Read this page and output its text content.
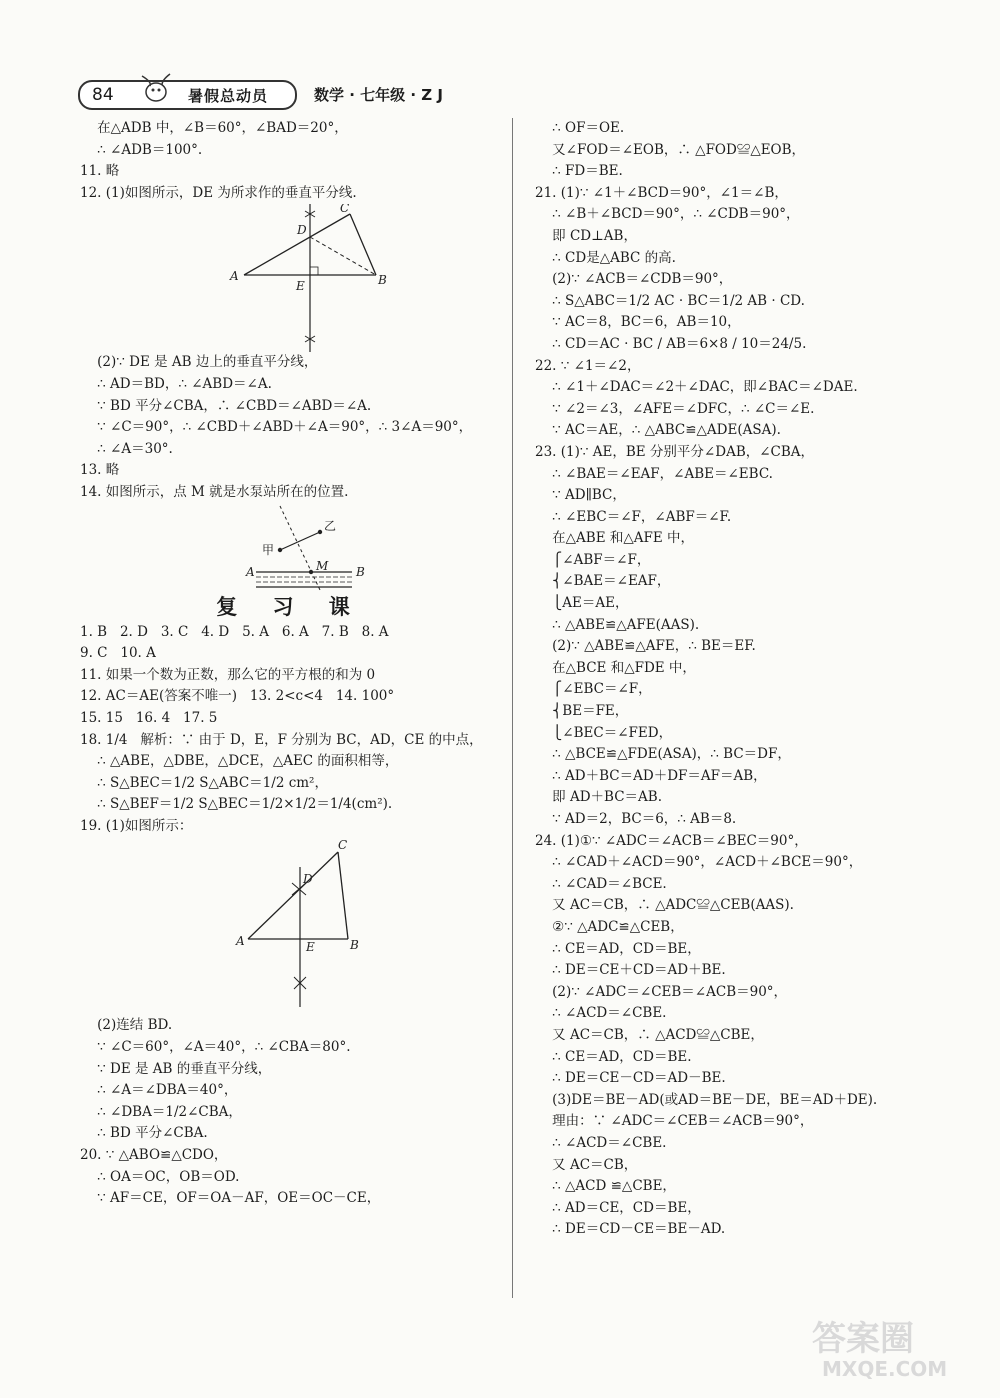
84	暑假总动员	数学 · 七年级 · Z J
在△ADB 中，∠B＝60°，∠BAD＝20°，
∴ ∠ADB＝100°.
11. 略
12. (1)如图所示，DE 为所求作的垂直平分线.
A	B
C
D
E
(2)∵ DE 是 AB 边上的垂直平分线，
∴ AD＝BD，∴ ∠ABD＝∠A.
∵ BD 平分∠CBA，∴ ∠CBD＝∠ABD＝∠A.
∵ ∠C＝90°，∴ ∠CBD＋∠ABD＋∠A＝90°，∴ 3∠A＝90°，
∴ ∠A＝30°.
13. 略
14. 如图所示，点 M 就是水泵站所在的位置.
甲
乙
A	B
M
复 习 课
1. B   2. D   3. C   4. D   5. A   6. A   7. B   8. A
9. C   10. A
11. 如果一个数为正数，那么它的平方根的和为 0
12. AC＝AE(答案不唯一)   13. 2<c<4   14. 100°
15. 15   16. 4   17. 5
18. 1/4   解析：∵ 由于 D，E，F 分别为 BC，AD，CE 的中点，
∴ △ABE，△DBE，△DCE，△AEC 的面积相等，
∴ S△BEC＝1/2 S△ABC＝1/2 cm²，
∴ S△BEF＝1/2 S△BEC＝1/2×1/2＝1/4(cm²).
19. (1)如图所示：
A	B
C
D
E
(2)连结 BD.
∵ ∠C＝60°，∠A＝40°，∴ ∠CBA＝80°.
∵ DE 是 AB 的垂直平分线，
∴ ∠A＝∠DBA＝40°，
∴ ∠DBA＝1/2∠CBA，
∴ BD 平分∠CBA.
20. ∵ △ABO≌△CDO，
∴ OA＝OC，OB＝OD.
∵ AF＝CE，OF＝OA－AF，OE＝OC－CE，
∴ OF＝OE.
又∠FOD＝∠EOB，∴ △FOD≌△EOB，
∴ FD＝BE.
21. (1)∵ ∠1＋∠BCD＝90°，∠1＝∠B，
∴ ∠B＋∠BCD＝90°，∴ ∠CDB＝90°，
即 CD⊥AB，
∴ CD是△ABC 的高.
(2)∵ ∠ACB＝∠CDB＝90°，
∴ S△ABC＝1/2 AC · BC＝1/2 AB · CD.
∵ AC＝8，BC＝6，AB＝10，
∴ CD＝AC · BC / AB＝6×8 / 10＝24/5.
22. ∵ ∠1＝∠2，
∴ ∠1＋∠DAC＝∠2＋∠DAC，即∠BAC＝∠DAE.
∵ ∠2＝∠3，∠AFE＝∠DFC，∴ ∠C＝∠E.
∵ AC＝AE，∴ △ABC≌△ADE(ASA).
23. (1)∵ AE，BE 分别平分∠DAB，∠CBA，
∴ ∠BAE＝∠EAF，∠ABE＝∠EBC.
∵ AD∥BC，
∴ ∠EBC＝∠F，∠ABF＝∠F.
在△ABE 和△AFE 中，
⎧∠ABF＝∠F，
⎨∠BAE＝∠EAF，
⎩AE＝AE，
∴ △ABE≌△AFE(AAS).
(2)∵ △ABE≌△AFE，∴ BE＝EF.
在△BCE 和△FDE 中，
⎧∠EBC＝∠F，
⎨BE＝FE，
⎩∠BEC＝∠FED，
∴ △BCE≌△FDE(ASA)，∴ BC＝DF，
∴ AD＋BC＝AD＋DF＝AF＝AB，
即 AD＋BC＝AB.
∵ AD＝2，BC＝6，∴ AB＝8.
24. (1)①∵ ∠ADC＝∠ACB＝∠BEC＝90°，
∴ ∠CAD＋∠ACD＝90°，∠ACD＋∠BCE＝90°，
∴ ∠CAD＝∠BCE.
又 AC＝CB，∴ △ADC≌△CEB(AAS).
②∵ △ADC≌△CEB，
∴ CE＝AD，CD＝BE，
∴ DE＝CE＋CD＝AD＋BE.
(2)∵ ∠ADC＝∠CEB＝∠ACB＝90°，
∴ ∠ACD＝∠CBE.
又 AC＝CB，∴ △ACD≌△CBE，
∴ CE＝AD，CD＝BE.
∴ DE＝CE－CD＝AD－BE.
(3)DE＝BE－AD(或AD＝BE－DE，BE＝AD＋DE).
理由：∵ ∠ADC＝∠CEB＝∠ACB＝90°，
∴ ∠ACD＝∠CBE.
又 AC＝CB，
∴ △ACD ≌△CBE，
∴ AD＝CE，CD＝BE，
∴ DE＝CD－CE＝BE－AD.
答案圈
MXQE.COM
